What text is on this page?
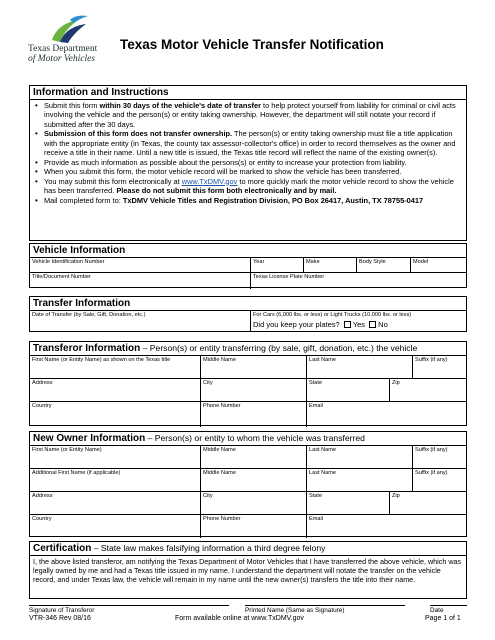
Texas Department
of Motor Vehicles
Texas Motor Vehicle Transfer Notification
Information and Instructions
• Submit this form within 30 days of the vehicle's date of transfer to help protect yourself from liability for criminal or civil acts involving the vehicle and the person(s) or entity taking ownership. However, the department will still notate your record if submitted after the 30 days.
• Submission of this form does not transfer ownership. The person(s) or entity taking ownership must file a title application with the appropriate entity (in Texas, the county tax assessor-collector's office) in order to record themselves as the owner and receive a title in their name. Until a new title is issued, the Texas title record will reflect the name of the existing owner(s).
• Provide as much information as possible about the persons(s) or entity to increase your protection from liability.
• When you submit this form, the motor vehicle record will be marked to show the vehicle has been transferred.
• You may submit this form electronically at www.TxDMV.gov to more quickly mark the motor vehicle record to show the vehicle has been transferred. Please do not submit this form both electronically and by mail.
• Mail completed form to: TxDMV Vehicle Titles and Registration Division, PO Box 26417, Austin, TX 78755-0417
Vehicle Information
Vehicle Identification Number	Year	Make	Body Style	Model
Title/Document Number	Texas License Plate Number
Transfer Information
Date of Transfer (by Sale, Gift, Donation, etc.)	For Cars (6,000 lbs. or less) or Light Trucks (10,000 lbs. or less)
Did you keep your plates? Yes No
Transferor Information – Person(s) or entity transferring (by sale, gift, donation, etc.) the vehicle
First Name (or Entity Name) as shown on the Texas title	Middle Name	Last Name	Suffix (if any)
Address	City	State	Zip
Country	Phone Number	Email
New Owner Information – Person(s) or entity to whom the vehicle was transferred
First Name (or Entity Name)	Middle Name	Last Name	Suffix (if any)
Additional First Name (if applicable)	Middle Name	Last Name	Suffix (if any)
Address	City	State	Zip
Country	Phone Number	Email
Certification – State law makes falsifying information a third degree felony
I, the above listed transferor, am notifying the Texas Department of Motor Vehicles that I have transferred the above vehicle, which was legally owned by me and had a Texas title issued in my name. I understand the department will notate the transfer on the vehicle record, and under Texas law, the vehicle will remain in my name until the new owner(s) transfers the title into their name.
Signature of Transferor	Printed Name (Same as Signature)	Date
VTR-346 Rev 08/16	Form available online at www.TxDMV.gov	Page 1 of 1
